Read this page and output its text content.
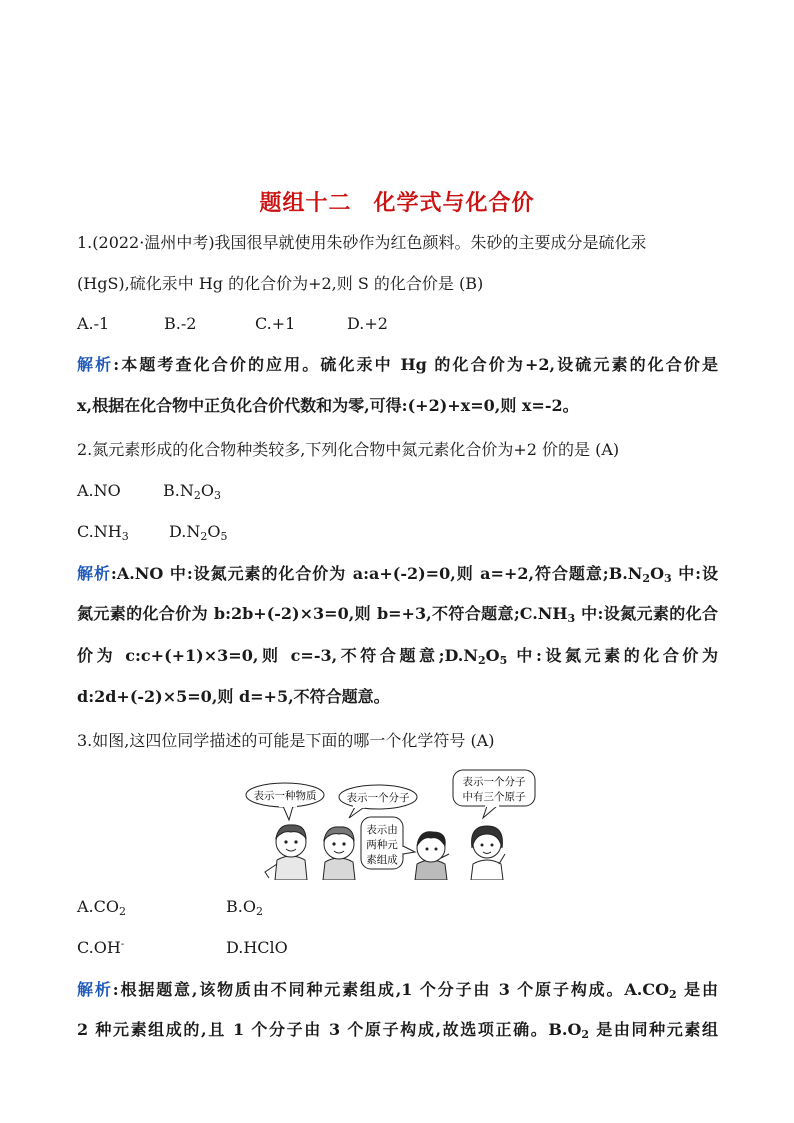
题组十二 化学式与化合价
1.(2022·温州中考)我国很早就使用朱砂作为红色颜料。朱砂的主要成分是硫化汞
(HgS),硫化汞中 Hg 的化合价为+2,则 S 的化合价是 (B)
A.-1	B.-2	C.+1	D.+2
解析:本题考查化合价的应用。硫化汞中 Hg 的化合价为+2,设硫元素的化合价是
x,根据在化合物中正负化合价代数和为零,可得:(+2)+x=0,则 x=-2。
2.氮元素形成的化合物种类较多,下列化合物中氮元素化合价为+2 价的是 (A)
A.NO	$B.N_2O_3$
$C.NH_3$	$D.N_2O_5$
解析:A.NO 中:设氮元素的化合价为 a:a+(-2)=0,则 a=+2,符合题意$;B.N_2O_3$ 中:设
氮元素的化合价为 b:2b+(-2)×3=0,则 b=+3,不符合题意$;C.NH_3$ 中:设氮元素的化合
价为 c:c+(+1)×3=0,则 c=-3,不符合题意$;D.N_2O_5$ 中:设氮元素的化合价为
d:2d+(-2)×5=0,则 d=+5,不符合题意。
3.如图,这四位同学描述的可能是下面的哪一个化学符号 (A)
表示一种物质	表示一个分子
表示由
两种元
素组成
表示一个分子
中有三个原子
$A.CO_2$	$B.O_2$
C.OH-	D.HClO
解析:根据题意,该物质由不同种元素组成,1 个分子由 3 个原子构成。$A.CO_2$ 是由
2 种元素组成的,且 1 个分子由 3 个原子构成,故选项正确。$B.O_2$ 是由同种元素组
